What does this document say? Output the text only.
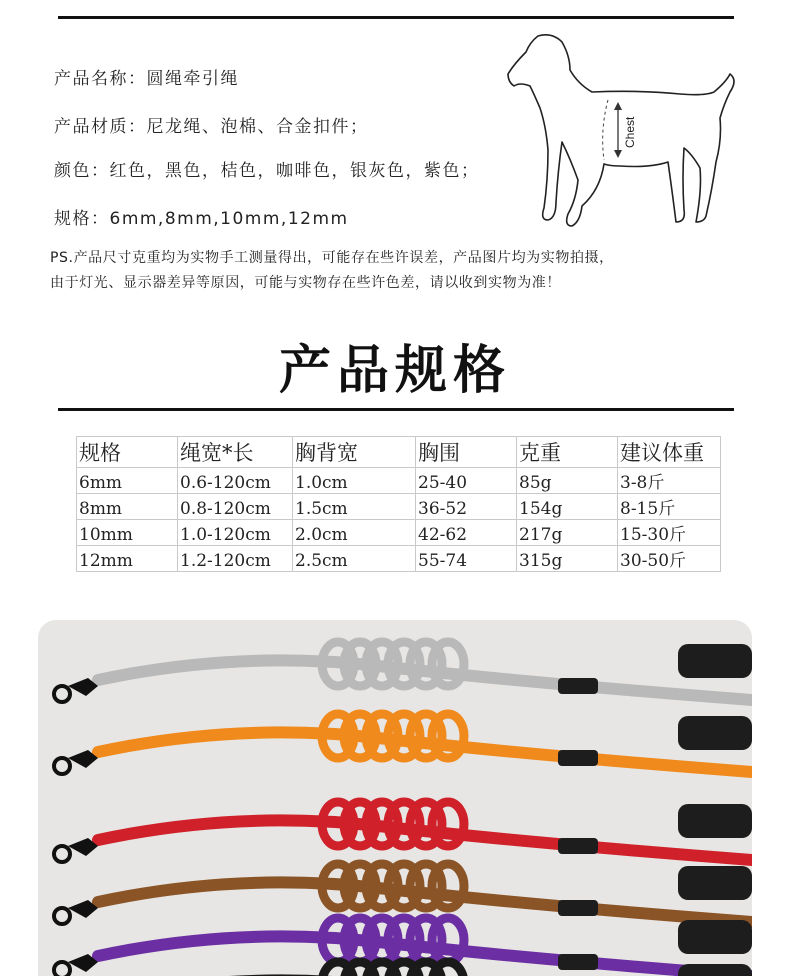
产品名称：圆绳牵引绳
产品材质：尼龙绳、泡棉、合金扣件；
颜色：红色，黑色，桔色，咖啡色，银灰色，紫色；
规格：6mm,8mm,10mm,12mm
Chest
PS.产品尺寸克重均为实物手工测量得出，可能存在些许误差，产品图片均为实物拍摄，
由于灯光、显示器差异等原因，可能与实物存在些许色差，请以收到实物为准！
产品规格
规格	绳宽*长	胸背宽	胸围	克重	建议体重
6mm	0.6-120cm	1.0cm	25-40	85g	3-8斤
8mm	0.8-120cm	1.5cm	36-52	154g	8-15斤
10mm	1.0-120cm	2.0cm	42-62	217g	15-30斤
12mm	1.2-120cm	2.5cm	55-74	315g	30-50斤
